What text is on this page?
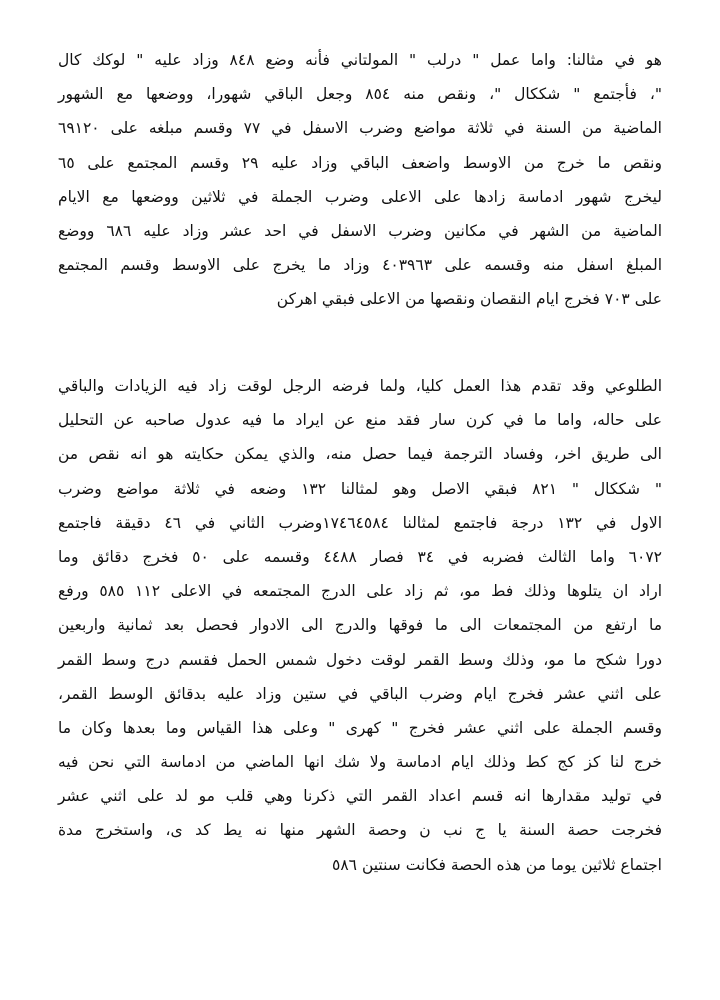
هو في مثالنا: واما عمل " درلب " المولتاني فأنه وضع ٨٤٨ وزاد عليه " لوكك كال
"، فأجتمع " شككال "، ونقص منه ٨٥٤ وجعل الباقي شهورا، ووضعها مع الشهور
الماضية من السنة في ثلاثة مواضع وضرب الاسفل في ٧٧ وقسم مبلغه على ٦٩١٢٠
ونقص ما خرج من الاوسط واضعف الباقي وزاد عليه ٢٩ وقسم المجتمع على ٦٥
ليخرج شهور ادماسة زادها على الاعلى وضرب الجملة في ثلاثين ووضعها مع الايام
الماضية من الشهر في مكانين وضرب الاسفل في احد عشر وزاد عليه ٦٨٦ ووضع
المبلغ اسفل منه وقسمه على ٤٠٣٩٦٣ وزاد ما يخرج على الاوسط وقسم المجتمع
على ٧٠٣ فخرج ايام النقصان ونقصها من الاعلى فبقي اهركن
الطلوعي وقد تقدم هذا العمل كليا، ولما فرضه الرجل لوقت زاد فيه الزيادات والباقي
على حاله، واما ما في كرن سار فقد منع عن ايراد ما فيه عدول صاحبه عن التحليل
الى طريق اخر، وفساد الترجمة فيما حصل منه، والذي يمكن حكايته هو انه نقص من
" شككال " ٨٢١ فبقي الاصل وهو لمثالنا ١٣٢ وضعه في ثلاثة مواضع وضرب
الاول في ١٣٢ درجة فاجتمع لمثالنا ١٧٤٦٤٥٨٤وضرب الثاني في ٤٦ دقيقة فاجتمع
٦٠٧٢ واما الثالث فضربه في ٣٤ فصار ٤٤٨٨ وقسمه على ٥٠ فخرج دقائق وما
اراد ان يتلوها وذلك فط مو، ثم زاد على الدرج المجتمعه في الاعلى ١١٢ ٥٨٥ ورفع
ما ارتفع من المجتمعات الى ما فوقها والدرج الى الادوار فحصل بعد ثمانية واربعين
دورا شكح ما مو، وذلك وسط القمر لوقت دخول شمس الحمل فقسم درج وسط القمر
على اثني عشر فخرج ايام وضرب الباقي في ستين وزاد عليه بدقائق الوسط القمر،
وقسم الجملة على اثني عشر فخرج " كهرى " وعلى هذا القياس وما بعدها وكان ما
خرج لنا كز كج كط وذلك ايام ادماسة ولا شك انها الماضي من ادماسة التي نحن فيه
في توليد مقدارها انه قسم اعداد القمر التي ذكرنا وهي قلب مو لد على اثني عشر
فخرجت حصة السنة يا ج نب ن وحصة الشهر منها نه يط كد ى، واستخرج مدة
اجتماع ثلاثين يوما من هذه الحصة فكانت سنتين ٥٨٦
